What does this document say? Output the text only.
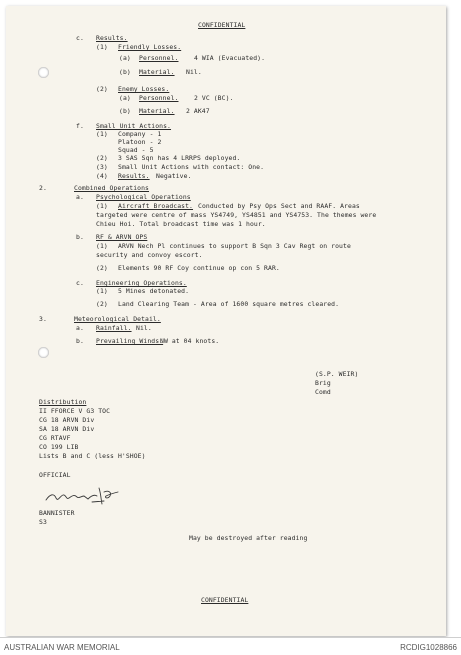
CONFIDENTIAL
c. Results.
(1) Friendly Losses.
(a) Personnel. 4 WIA (Evacuated).
(b) Material. Nil.
(2) Enemy Losses.
(a) Personnel. 2 VC (BC).
(b) Material. 2 AK47
f. Small Unit Actions.
(1) Company - 1
Platoon - 2
Squad - 5
(2) 3 SAS Sqn has 4 LRRPS deployed.
(3) Small Unit Actions with contact: One.
(4) Results. Negative.
2.	Combined Operations
a. Psychological Operations
(1) Aircraft Broadcast. Conducted by Psy Ops Sect and RAAF. Areas
targeted were centre of mass YS4749, YS4851 and YS4753. The themes were
Chieu Hoi. Total broadcast time was 1 hour.
b. RF & ARVN OPS
(1) ARVN Nech Pl continues to support B Sqn 3 Cav Regt on route
security and convoy escort.
(2) Elements 90 RF Coy continue op con 5 RAR.
c. Engineering Operations.
(1) 5 Mines detonated.
(2) Land Clearing Team - Area of 1600 square metres cleared.
3.	Meteorological Detail.
a. Rainfall. Nil.
b. Prevailing Winds.
NW at 04 knots.
(S.P. WEIR)
Brig
Comd
Distribution
II FFORCE V G3 TOC
CG 18 ARVN Div
SA 18 ARVN Div
CG RTAVF
CO 199 LIB
Lists B and C (less H'SHOE)
OFFICIAL
BANNISTER
S3
May be destroyed after reading
CONFIDENTIAL
AUSTRALIAN WAR MEMORIAL	RCDIG1028866
